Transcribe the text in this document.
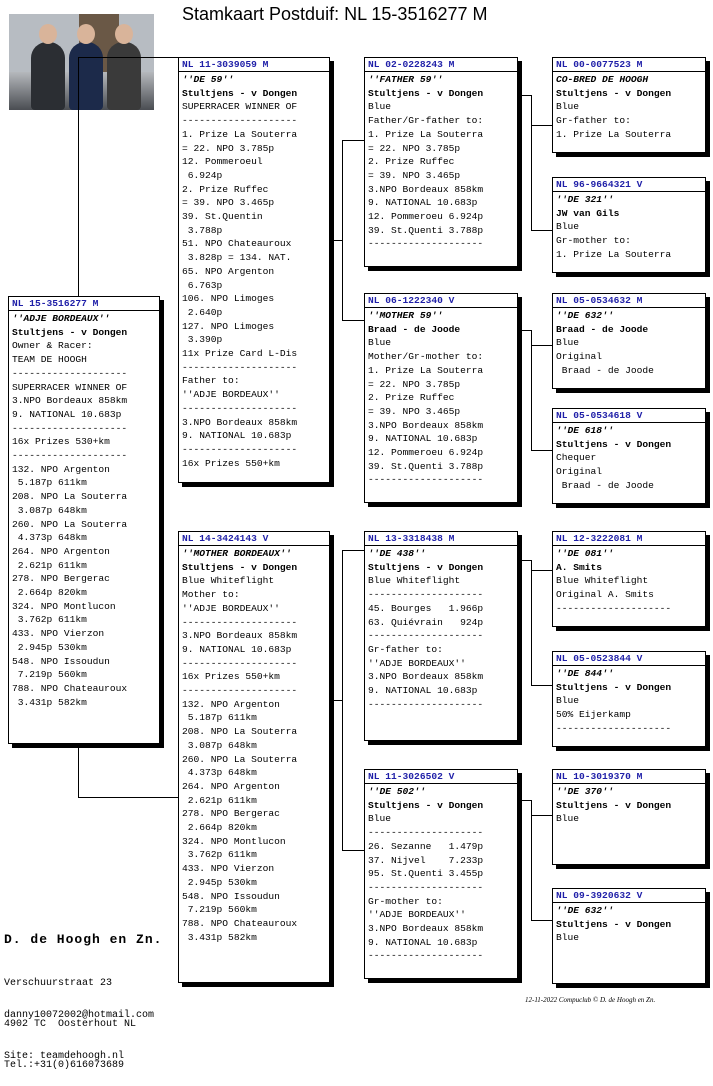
Stamkaart Postduif: NL 15-3516277 M
NL 15-3516277 M
''ADJE BORDEAUX''
Stultjens - v Dongen
Owner & Racer:
TEAM DE HOOGH
--------------------
SUPERRACER WINNER OF
3.NPO Bordeaux 858km
9. NATIONAL 10.683p
--------------------
16x Prizes 530+km
--------------------
132. NPO Argenton
5.187p 611km
208. NPO La Souterra
3.087p 648km
260. NPO La Souterra
4.373p 648km
264. NPO Argenton
2.621p 611km
278. NPO Bergerac
2.664p 820km
324. NPO Montlucon
3.762p 611km
433. NPO Vierzon
2.945p 530km
548. NPO Issoudun
7.219p 560km
788. NPO Chateauroux
3.431p 582km
NL 11-3039059 M
''DE 59''
Stultjens - v Dongen
SUPERRACER WINNER OF
--------------------
1. Prize La Souterra
= 22. NPO 3.785p
12. Pommeroeul
6.924p
2. Prize Ruffec
= 39. NPO 3.465p
39. St.Quentin
3.788p
51. NPO Chateauroux
3.828p = 134. NAT.
65. NPO Argenton
6.763p
106. NPO Limoges
2.640p
127. NPO Limoges
3.390p
11x Prize Card L-Dis
--------------------
Father to:
''ADJE BORDEAUX''
--------------------
3.NPO Bordeaux 858km
9. NATIONAL 10.683p
--------------------
16x Prizes 550+km
NL 14-3424143 V
''MOTHER BORDEAUX''
Stultjens - v Dongen
Blue Whiteflight
Mother to:
''ADJE BORDEAUX''
--------------------
3.NPO Bordeaux 858km
9. NATIONAL 10.683p
--------------------
16x Prizes 550+km
--------------------
132. NPO Argenton
5.187p 611km
208. NPO La Souterra
3.087p 648km
260. NPO La Souterra
4.373p 648km
264. NPO Argenton
2.621p 611km
278. NPO Bergerac
2.664p 820km
324. NPO Montlucon
3.762p 611km
433. NPO Vierzon
2.945p 530km
548. NPO Issoudun
7.219p 560km
788. NPO Chateauroux
3.431p 582km
NL 02-0228243 M
''FATHER 59''
Stultjens - v Dongen
Blue
Father/Gr-father to:
1. Prize La Souterra
= 22. NPO 3.785p
2. Prize Ruffec
= 39. NPO 3.465p
3.NPO Bordeaux 858km
9. NATIONAL 10.683p
12. Pommeroeu 6.924p
39. St.Quenti 3.788p
--------------------
NL 06-1222340 V
''MOTHER 59''
Braad - de Joode
Blue
Mother/Gr-mother to:
1. Prize La Souterra
= 22. NPO 3.785p
2. Prize Ruffec
= 39. NPO 3.465p
3.NPO Bordeaux 858km
9. NATIONAL 10.683p
12. Pommeroeu 6.924p
39. St.Quenti 3.788p
--------------------
NL 13-3318438 M
''DE 438''
Stultjens - v Dongen
Blue Whiteflight
--------------------
45. Bourges   1.966p
63. Quiévrain   924p
--------------------
Gr-father to:
''ADJE BORDEAUX''
3.NPO Bordeaux 858km
9. NATIONAL 10.683p
--------------------
NL 11-3026502 V
''DE 502''
Stultjens - v Dongen
Blue
--------------------
26. Sezanne   1.479p
37. Nijvel    7.233p
95. St.Quenti 3.455p
--------------------
Gr-mother to:
''ADJE BORDEAUX''
3.NPO Bordeaux 858km
9. NATIONAL 10.683p
--------------------
NL 00-0077523 M
CO-BRED DE HOOGH
Stultjens - v Dongen
Blue
Gr-father to:
1. Prize La Souterra
NL 96-9664321 V
''DE 321''
JW van Gils
Blue
Gr-mother to:
1. Prize La Souterra
NL 05-0534632 M
''DE 632''
Braad - de Joode
Blue
Original
Braad - de Joode
NL 05-0534618 V
''DE 618''
Stultjens - v Dongen
Chequer
Original
Braad - de Joode
NL 12-3222081 M
''DE 081''
A. Smits
Blue Whiteflight
Original A. Smits
--------------------
NL 05-0523844 V
''DE 844''
Stultjens - v Dongen
Blue
50% Eijerkamp
--------------------
NL 10-3019370 M
''DE 370''
Stultjens - v Dongen
Blue
NL 09-3920632 V
''DE 632''
Stultjens - v Dongen
Blue

D. de Hoogh en Zn.

Verschuurstraat 23

4902 TC  Oosterhout NL

Tel.:+31(0)616073689

danny10072002@hotmail.com

Site: teamdehoogh.nl

12-11-2022 Compuclub © D. de Hoogh en Zn.
